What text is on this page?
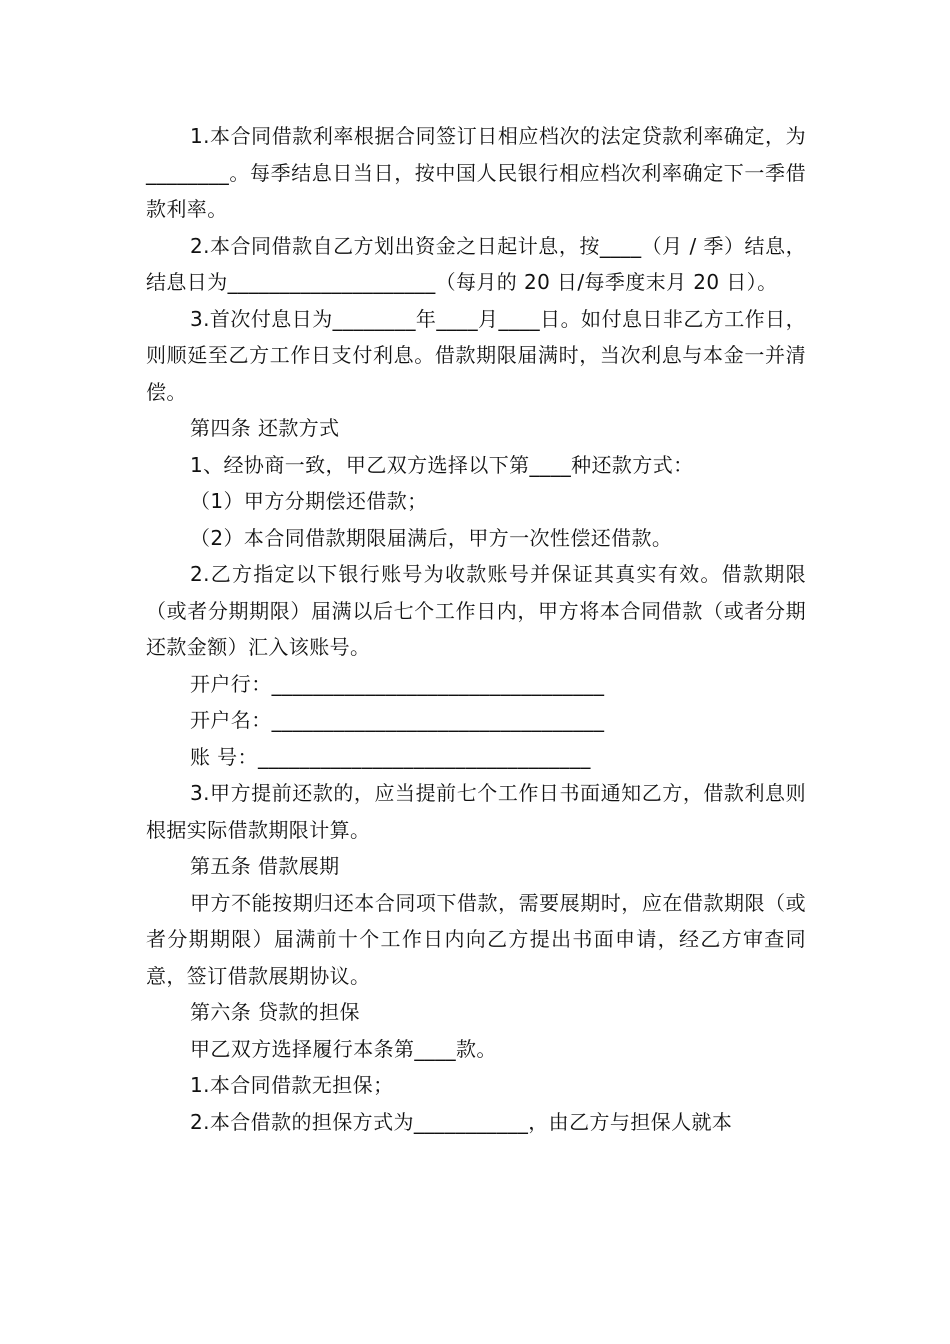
1.本合同借款利率根据合同签订日相应档次的法定贷款利率确定，为________。每季结息日当日，按中国人民银行相应档次利率确定下一季借款利率。

2.本合同借款自乙方划出资金之日起计息，按____（月 / 季）结息，结息日为____________________（每月的 20 日/每季度末月 20 日）。

3.首次付息日为________年____月____日。如付息日非乙方工作日，则顺延至乙方工作日支付利息。借款期限届满时，当次利息与本金一并清偿。

第四条 还款方式

1、经协商一致，甲乙双方选择以下第____种还款方式：

（1）甲方分期偿还借款；

（2）本合同借款期限届满后，甲方一次性偿还借款。

2.乙方指定以下银行账号为收款账号并保证其真实有效。借款期限（或者分期期限）届满以后七个工作日内，甲方将本合同借款（或者分期还款金额）汇入该账号。

开户行：________________________________

开户名：________________________________

账 号：________________________________

3.甲方提前还款的，应当提前七个工作日书面通知乙方，借款利息则根据实际借款期限计算。

第五条 借款展期

甲方不能按期归还本合同项下借款，需要展期时，应在借款期限（或者分期期限）届满前十个工作日内向乙方提出书面申请，经乙方审查同意，签订借款展期协议。

第六条 贷款的担保

甲乙双方选择履行本条第____款。

1.本合同借款无担保；

2.本合借款的担保方式为___________，由乙方与担保人就本
